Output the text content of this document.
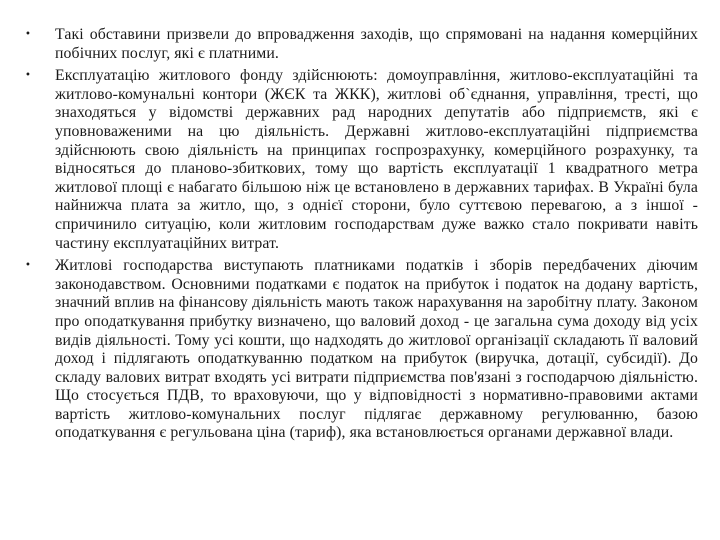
•	Такі обставини призвели до впровадження заходів, що спрямовані на надання комерційних побічних послуг, які є платними.

•	Експлуатацію житлового фонду здійснюють: домоуправління, житлово-експлуатаційні та житлово-комунальні контори (ЖЄК та ЖКК), житлові об`єднання, управління, тресті, що знаходяться у відомстві державних рад народних депутатів або підприємств, які є уповноваженими на цю діяльність. Державні житлово-експлуатаційні підприємства здійснюють свою діяльність на принципах госпрозрахунку, комерційного розрахунку, та відносяться до планово-збиткових, тому що вартість експлуатації 1 квадратного метра житлової площі є набагато більшою ніж це встановлено в державних тарифах. В Україні була найнижча плата за житло, що, з однієї сторони, було суттєвою перевагою, а з іншої - спричинило ситуацію, коли житловим господарствам дуже важко стало покривати навіть частину експлуатаційних витрат.

•	Житлові господарства виступають платниками податків і зборів передбачених діючим законодавством. Основними податками є податок на прибуток і податок на додану вартість, значний вплив на фінансову діяльність мають також нарахування на заробітну плату. Законом про оподаткування прибутку визначено, що валовий доход - це загальна сума доходу від усіх видів діяльності. Тому усі кошти, що надходять до житлової організації складають її валовий доход і підлягають оподаткуванню податком на прибуток (виручка, дотації, субсидії). До складу валових витрат входять усі витрати підприємства пов'язані з господарчою діяльністю. Що стосується ПДВ, то враховуючи, що у відповідності з нормативно-правовими актами вартість житлово-комунальних послуг підлягає державному регулюванню, базою оподаткування є регульована ціна (тариф), яка встановлюється органами державної влади.
